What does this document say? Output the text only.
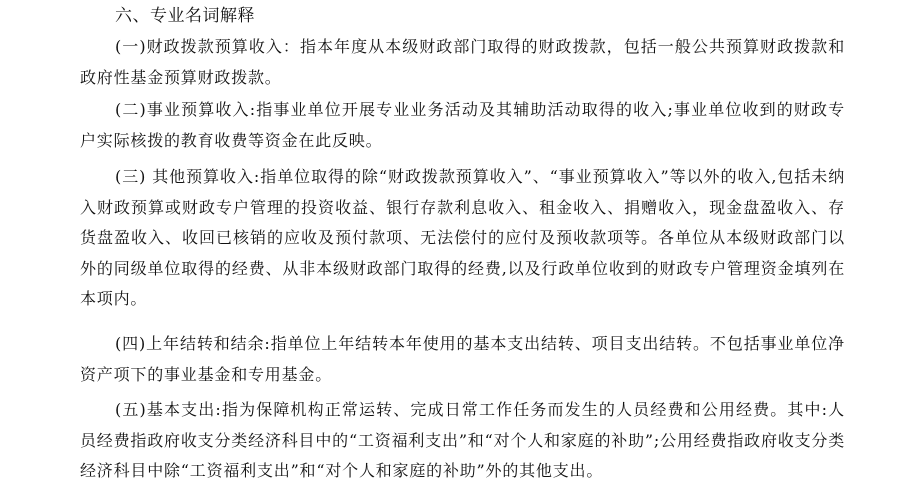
六、专业名词解释

(一)财政拨款预算收入：指本年度从本级财政部门取得的财政拨款，包括一般公共预算财政拨款和政府性基金预算财政拨款。

(二)事业预算收入:指事业单位开展专业业务活动及其辅助活动取得的收入;事业单位收到的财政专户实际核拨的教育收费等资金在此反映。

(三) 其他预算收入:指单位取得的除“财政拨款预算收入”、“事业预算收入”等以外的收入,包括未纳入财政预算或财政专户管理的投资收益、银行存款利息收入、租金收入、捐赠收入，现金盘盈收入、存货盘盈收入、收回已核销的应收及预付款项、无法偿付的应付及预收款项等。各单位从本级财政部门以外的同级单位取得的经费、从非本级财政部门取得的经费,以及行政单位收到的财政专户管理资金填列在本项内。

(四)上年结转和结余:指单位上年结转本年使用的基本支出结转、项目支出结转。不包括事业单位净资产项下的事业基金和专用基金。

(五)基本支出:指为保障机构正常运转、完成日常工作任务而发生的人员经费和公用经费。其中:人员经费指政府收支分类经济科目中的“工资福利支出”和“对个人和家庭的补助”;公用经费指政府收支分类经济科目中除“工资福利支出”和“对个人和家庭的补助”外的其他支出。
